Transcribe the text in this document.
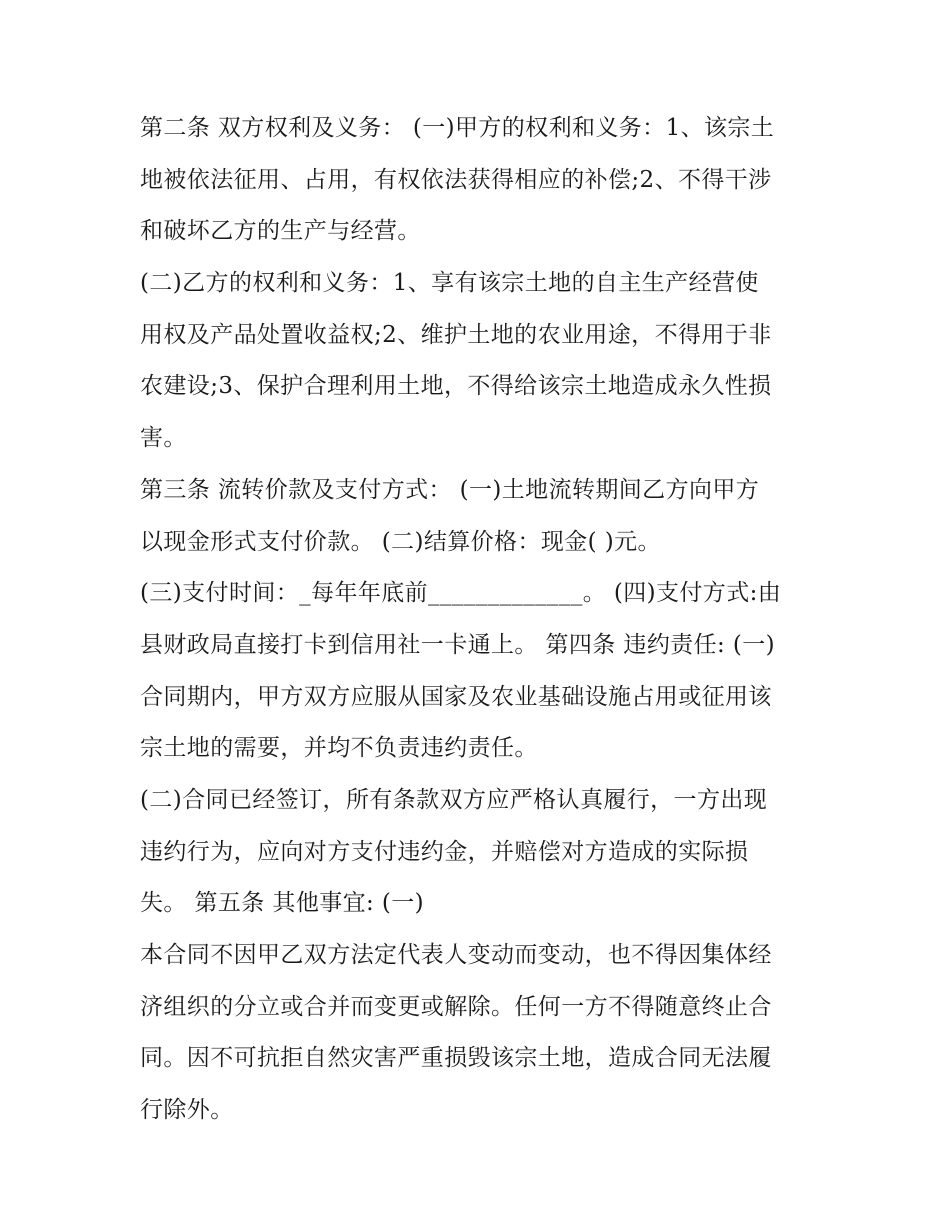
第二条 双方权利及义务： (一)甲方的权利和义务：1、该宗土
地被依法征用、占用，有权依法获得相应的补偿;2、不得干涉
和破坏乙方的生产与经营。
(二)乙方的权利和义务：1、享有该宗土地的自主生产经营使
用权及产品处置收益权;2、维护土地的农业用途，不得用于非
农建设;3、保护合理利用土地，不得给该宗土地造成永久性损
害。
第三条 流转价款及支付方式： (一)土地流转期间乙方向甲方
以现金形式支付价款。 (二)结算价格：现金( )元。
(三)支付时间：_每年年底前_____________。 (四)支付方式:由
县财政局直接打卡到信用社一卡通上。 第四条 违约责任: (一)
合同期内，甲方双方应服从国家及农业基础设施占用或征用该
宗土地的需要，并均不负责违约责任。
(二)合同已经签订，所有条款双方应严格认真履行，一方出现
违约行为，应向对方支付违约金，并赔偿对方造成的实际损
失。 第五条 其他事宜: (一)
本合同不因甲乙双方法定代表人变动而变动，也不得因集体经
济组织的分立或合并而变更或解除。任何一方不得随意终止合
同。因不可抗拒自然灾害严重损毁该宗土地，造成合同无法履
行除外。
